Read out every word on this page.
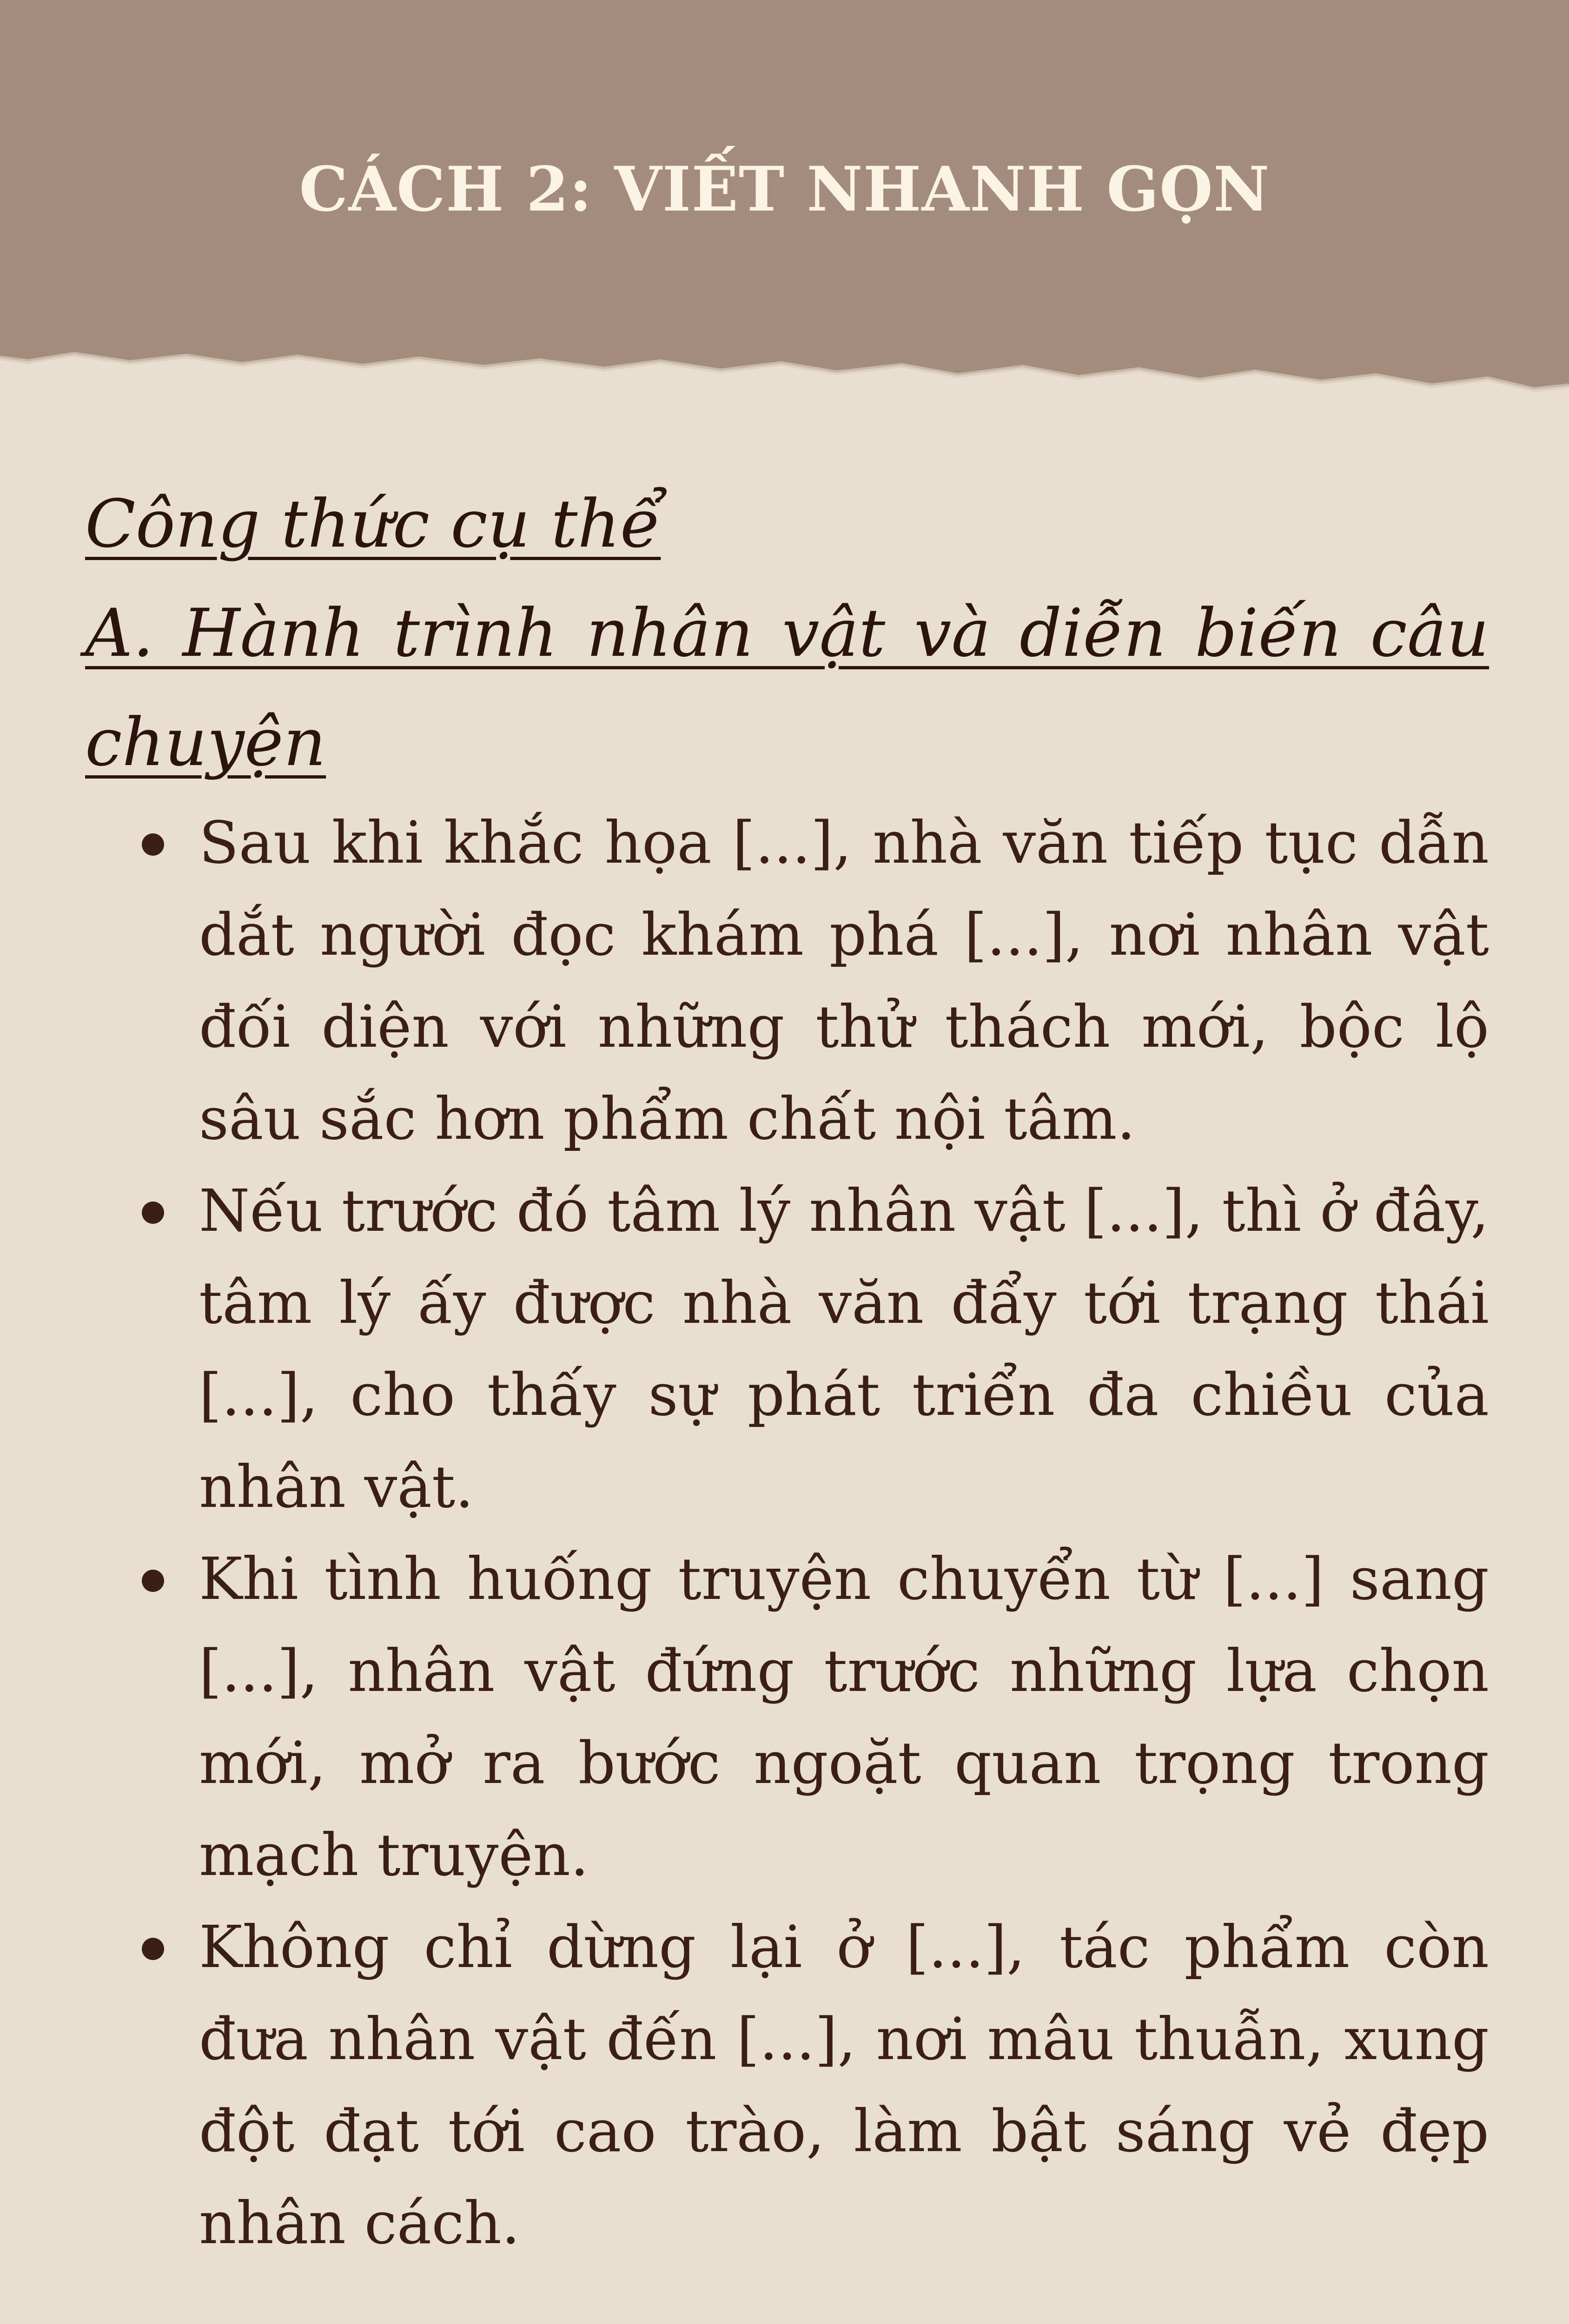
CÁCH 2: VIẾT NHANH GỌN
Công thức cụ thể
A. Hành trình nhân vật và diễn biến câu chuyện
Sau khi khắc họa [...], nhà văn tiếp tục dẫn dắt người đọc khám phá [...], nơi nhân vật đối diện với những thử thách mới, bộc lộ sâu sắc hơn phẩm chất nội tâm.
Nếu trước đó tâm lý nhân vật [...], thì ở đây, tâm lý ấy được nhà văn đẩy tới trạng thái [...], cho thấy sự phát triển đa chiều của nhân vật.
Khi tình huống truyện chuyển từ [...] sang [...], nhân vật đứng trước những lựa chọn mới, mở ra bước ngoặt quan trọng trong mạch truyện.
Không chỉ dừng lại ở [...], tác phẩm còn đưa nhân vật đến [...], nơi mâu thuẫn, xung đột đạt tới cao trào, làm bật sáng vẻ đẹp nhân cách.
